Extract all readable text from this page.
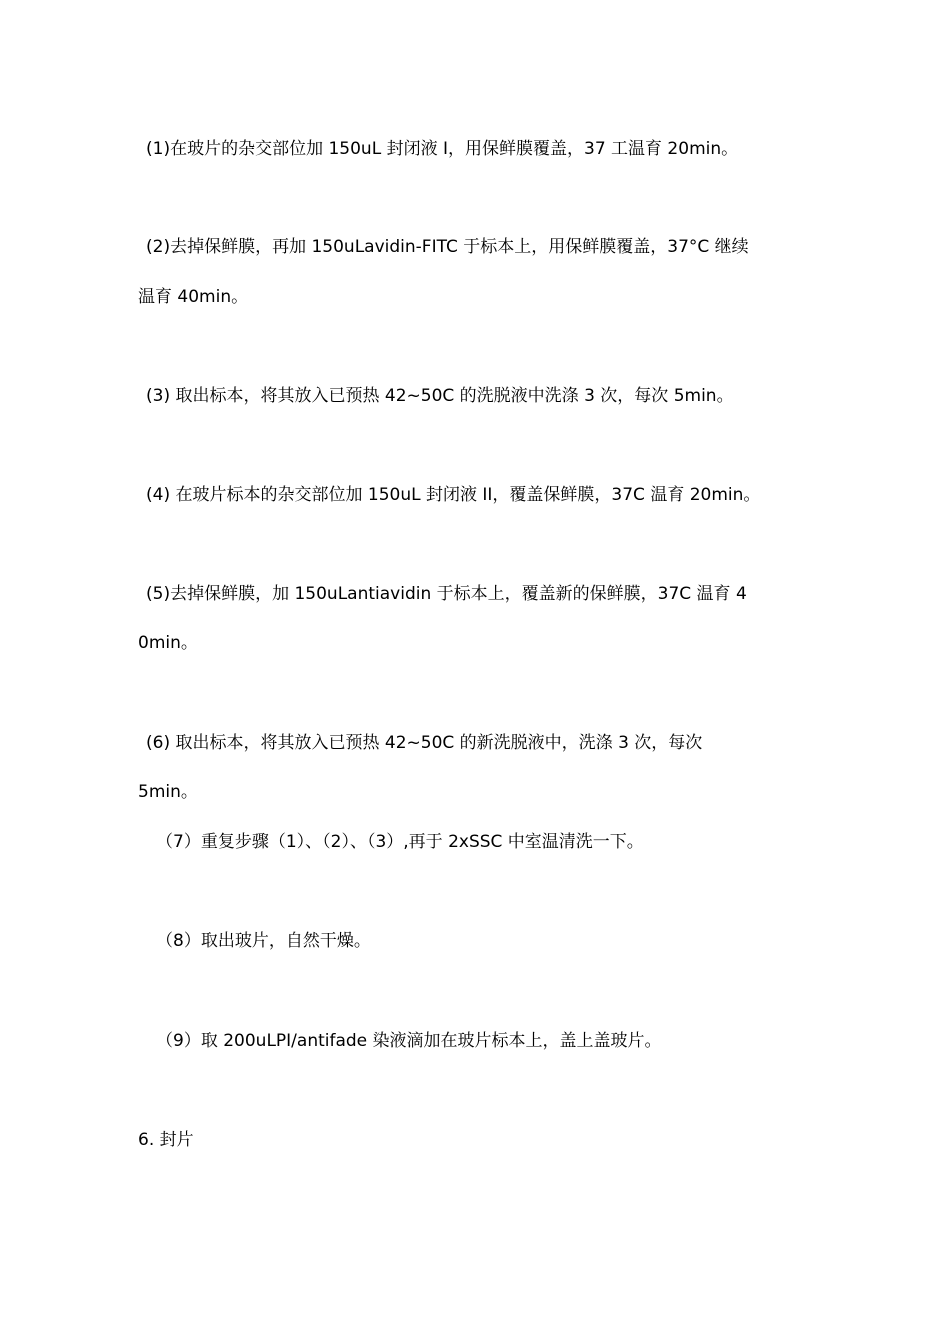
(1)在玻片的杂交部位加 150uL 封闭液 I，用保鲜膜覆盖，37 工温育 20min。
(2)去掉保鲜膜，再加 150uLavidin-FITC 于标本上，用保鲜膜覆盖，37°C 继续
温育 40min。
(3) 取出标本，将其放入已预热 42~50C 的洗脱液中洗涤 3 次，每次 5min。
(4) 在玻片标本的杂交部位加 150uL 封闭液 II，覆盖保鲜膜，37C 温育 20min。
(5)去掉保鲜膜，加 150uLantiavidin 于标本上，覆盖新的保鲜膜，37C 温育 4
0min。
(6) 取出标本，将其放入已预热 42~50C 的新洗脱液中，洗涤 3 次，每次
5min。
（7）重复步骤（1）、（2）、（3）,再于 2xSSC 中室温清洗一下。
（8）取出玻片，自然干燥。
（9）取 200uLPI/antifade 染液滴加在玻片标本上，盖上盖玻片。
6. 封片
